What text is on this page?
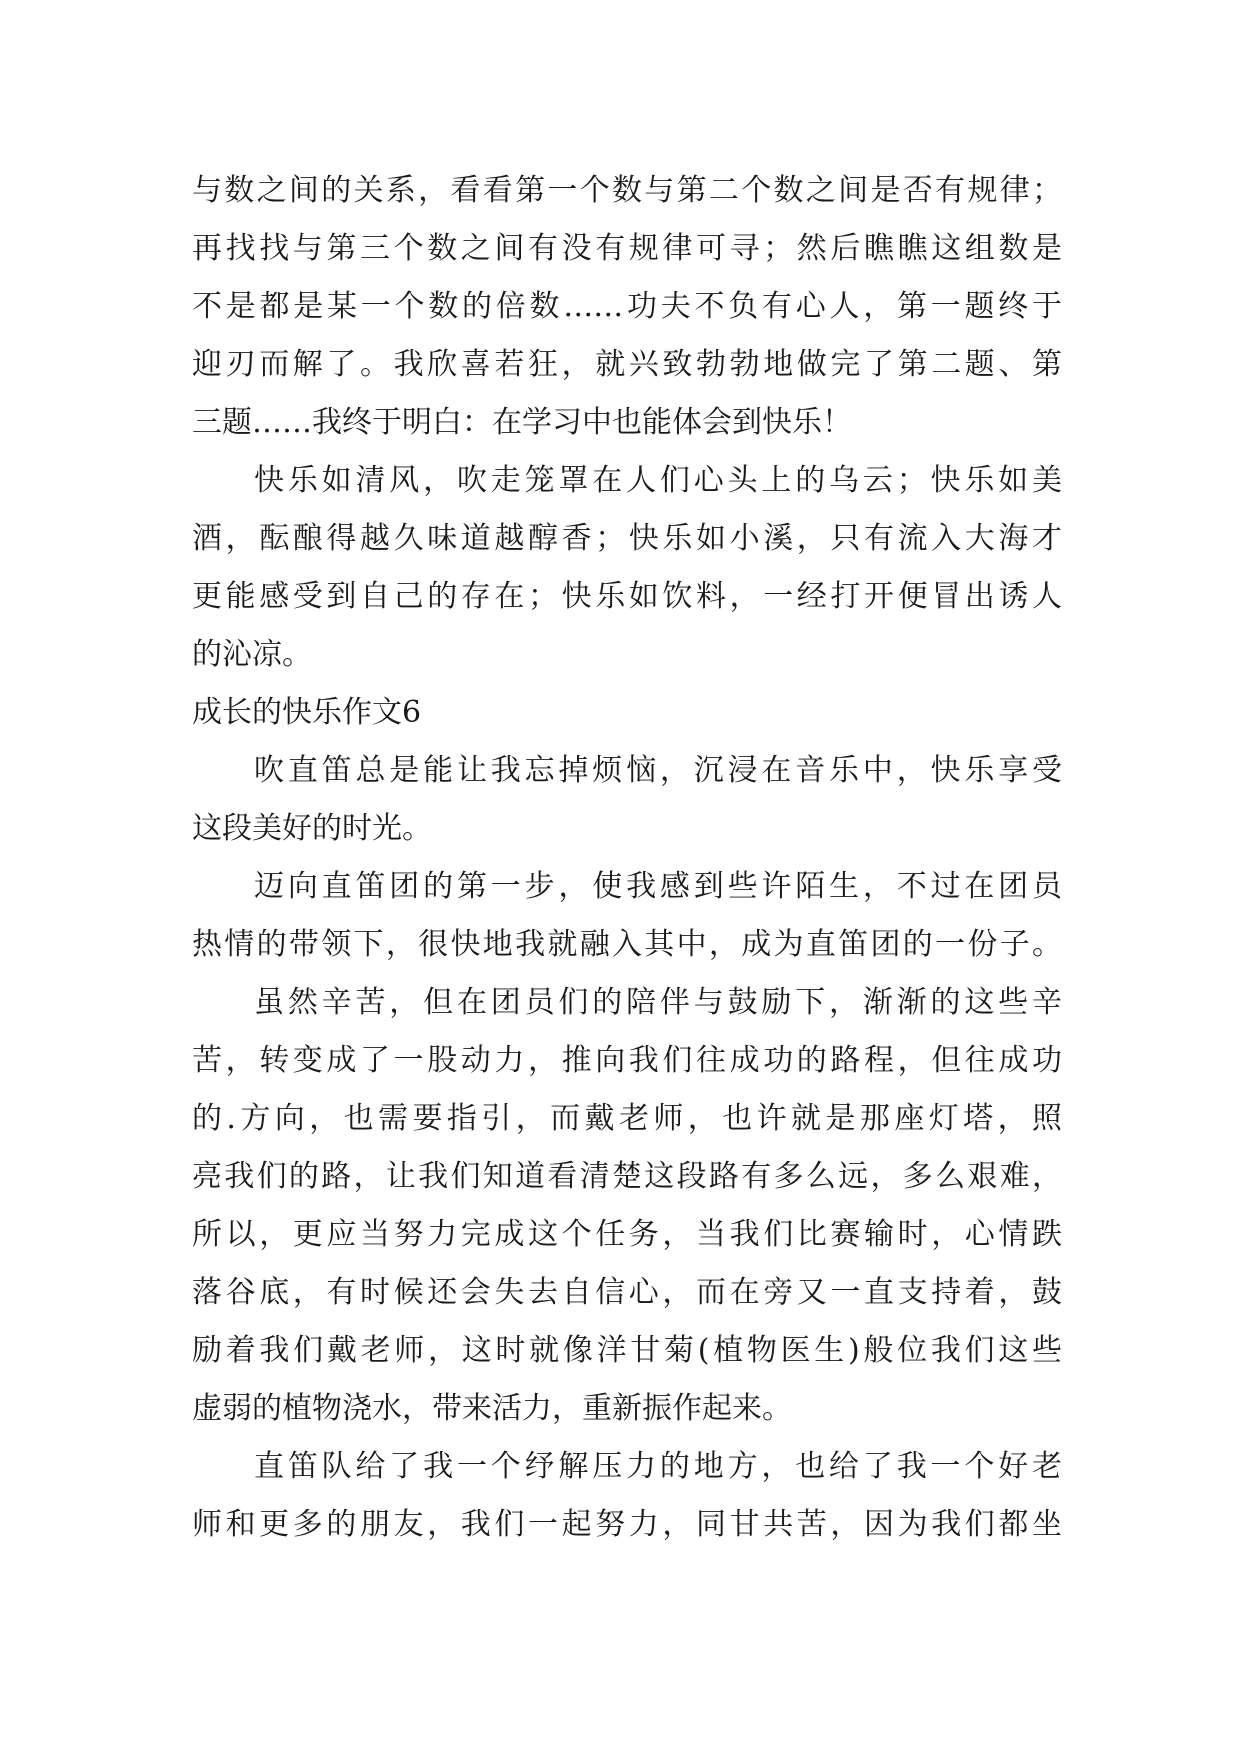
与数之间的关系，看看第一个数与第二个数之间是否有规律；
再找找与第三个数之间有没有规律可寻；然后瞧瞧这组数是
不是都是某一个数的倍数……功夫不负有心人，第一题终于
迎刃而解了。我欣喜若狂，就兴致勃勃地做完了第二题、第
三题……我终于明白：在学习中也能体会到快乐！
快乐如清风，吹走笼罩在人们心头上的乌云；快乐如美
酒，酝酿得越久味道越醇香；快乐如小溪，只有流入大海才
更能感受到自己的存在；快乐如饮料，一经打开便冒出诱人
的沁凉。
成长的快乐作文6
吹直笛总是能让我忘掉烦恼，沉浸在音乐中，快乐享受
这段美好的时光。
迈向直笛团的第一步，使我感到些许陌生，不过在团员
热情的带领下，很快地我就融入其中，成为直笛团的一份子。
虽然辛苦，但在团员们的陪伴与鼓励下，渐渐的这些辛
苦，转变成了一股动力，推向我们往成功的路程，但往成功
的.方向，也需要指引，而戴老师，也许就是那座灯塔，照
亮我们的路，让我们知道看清楚这段路有多么远，多么艰难，
所以，更应当努力完成这个任务，当我们比赛输时，心情跌
落谷底，有时候还会失去自信心，而在旁又一直支持着，鼓
励着我们戴老师，这时就像洋甘菊(植物医生)般位我们这些
虚弱的植物浇水，带来活力，重新振作起来。
直笛队给了我一个纾解压力的地方，也给了我一个好老
师和更多的朋友，我们一起努力，同甘共苦，因为我们都坐
